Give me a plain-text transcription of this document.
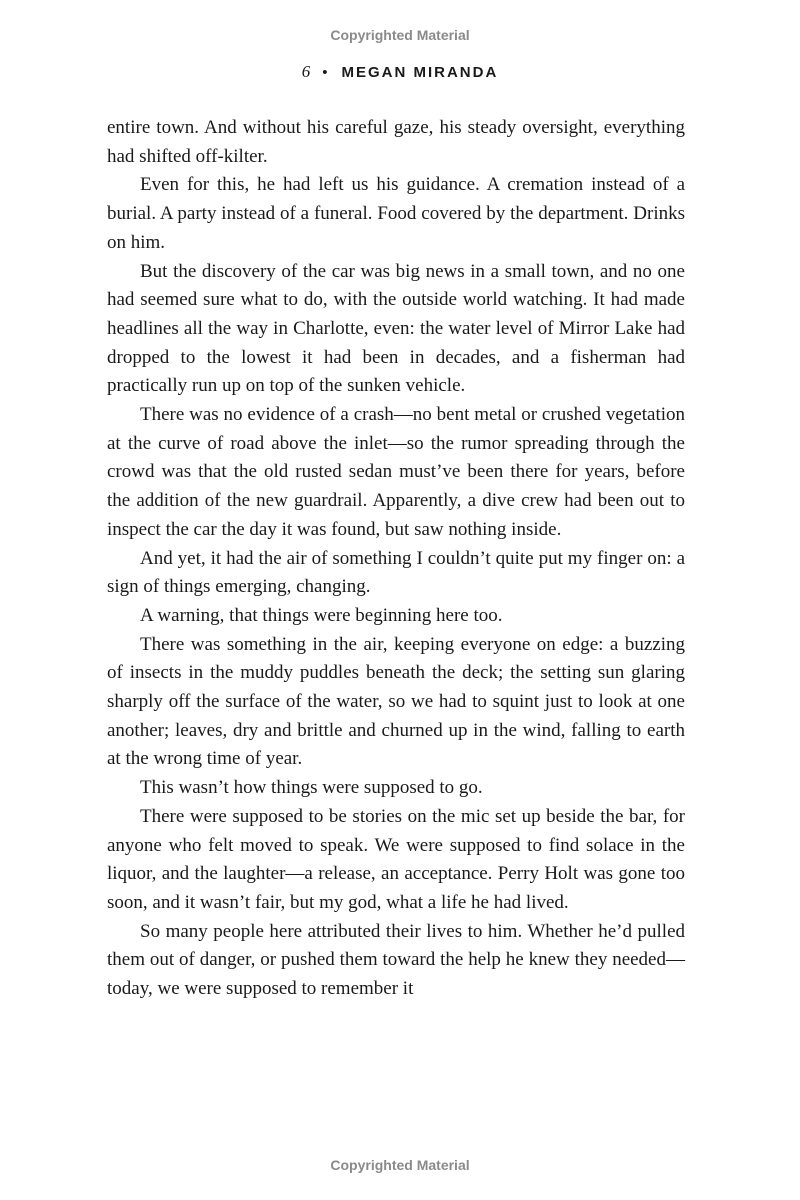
Copyrighted Material
6 • MEGAN MIRANDA

entire town. And without his careful gaze, his steady oversight, everything had shifted off-kilter.

Even for this, he had left us his guidance. A cremation instead of a burial. A party instead of a funeral. Food covered by the department. Drinks on him.

But the discovery of the car was big news in a small town, and no one had seemed sure what to do, with the outside world watching. It had made headlines all the way in Charlotte, even: the water level of Mirror Lake had dropped to the lowest it had been in decades, and a fisherman had practically run up on top of the sunken vehicle.

There was no evidence of a crash—no bent metal or crushed vegetation at the curve of road above the inlet—so the rumor spreading through the crowd was that the old rusted sedan must’ve been there for years, before the addition of the new guardrail. Apparently, a dive crew had been out to inspect the car the day it was found, but saw nothing inside.

And yet, it had the air of something I couldn’t quite put my finger on: a sign of things emerging, changing.

A warning, that things were beginning here too.

There was something in the air, keeping everyone on edge: a buzzing of insects in the muddy puddles beneath the deck; the setting sun glaring sharply off the surface of the water, so we had to squint just to look at one another; leaves, dry and brittle and churned up in the wind, falling to earth at the wrong time of year.

This wasn’t how things were supposed to go.

There were supposed to be stories on the mic set up beside the bar, for anyone who felt moved to speak. We were supposed to find solace in the liquor, and the laughter—a release, an acceptance. Perry Holt was gone too soon, and it wasn’t fair, but my god, what a life he had lived.

So many people here attributed their lives to him. Whether he’d pulled them out of danger, or pushed them toward the help he knew they needed—today, we were supposed to remember it

Copyrighted Material
